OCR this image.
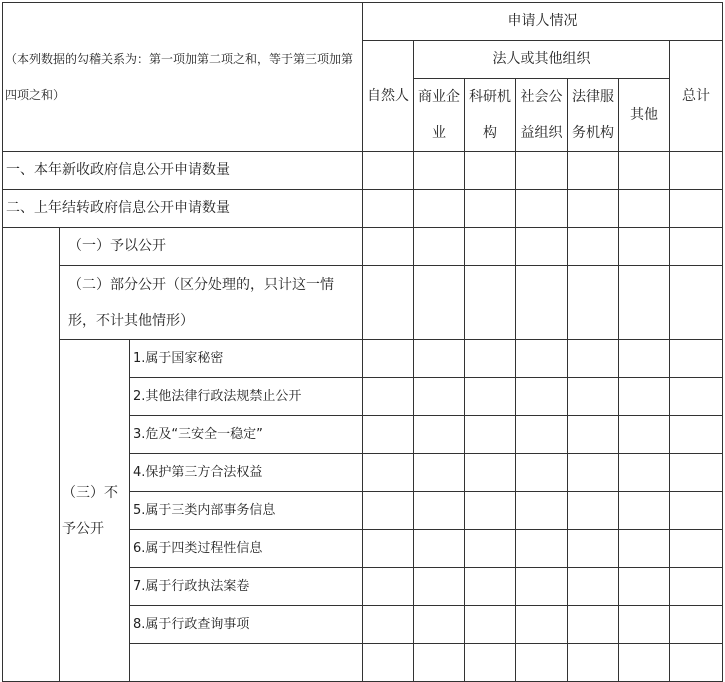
（本列数据的勾稽关系为：第一项加第二项之和，等于第三项加第四项之和）			申请人情况						
			自然人	法人或其他组织					总计
				商业企业	科研机构	社会公益组织	法律服务机构	其他	

一、本年新收政府信息公开申请数量									
二、上年结转政府信息公开申请数量									
	（一）予以公开								
	（二）部分公开（区分处理的，只计这一情形，不计其他情形）								
	（三）不予公开	1.属于国家秘密							
		2.其他法律行政法规禁止公开							
		3.危及“三安全一稳定”							
		4.保护第三方合法权益							
		5.属于三类内部事务信息							
		6.属于四类过程性信息							
		7.属于行政执法案卷							
		8.属于行政查询事项							
